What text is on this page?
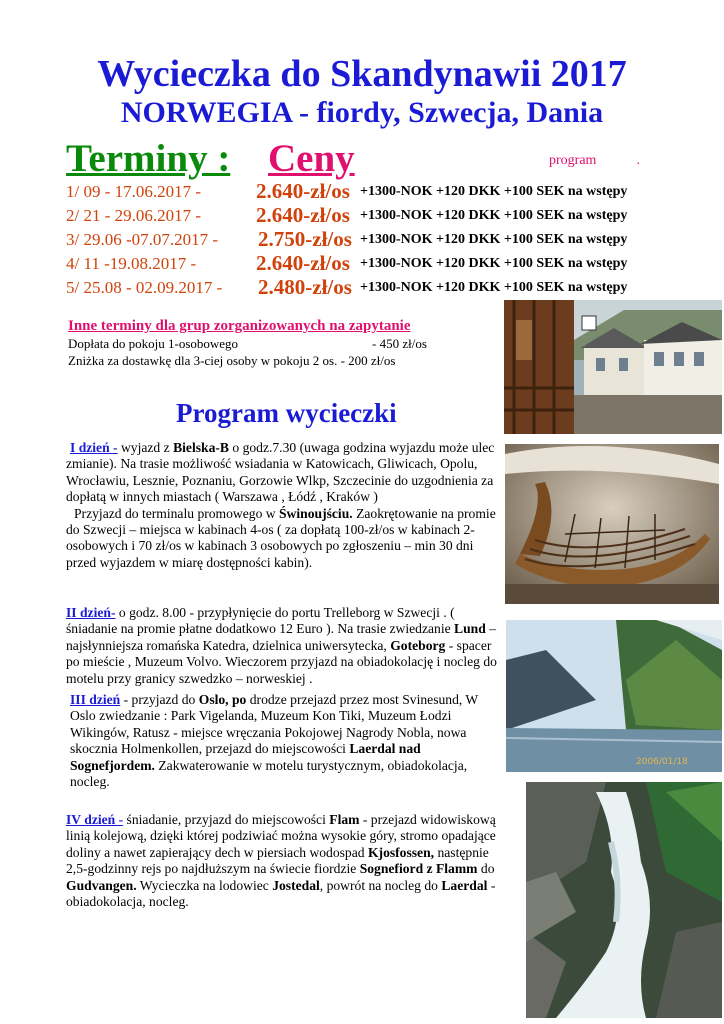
Wycieczka do Skandynawii 2017
NORWEGIA - fiordy, Szwecja, Dania
Terminy : Ceny	program	.
1/ 09 - 17.06.2017 -	2.640-zł/os +1300-NOK +120 DKK +100 SEK na wstępy
2/ 21 - 29.06.2017 -	2.640-zł/os +1300-NOK +120 DKK +100 SEK na wstępy
3/ 29.06 -07.07.2017 - 2.750-zł/os +1300-NOK +120 DKK +100 SEK na wstępy
4/ 11 -19.08.2017 -	2.640-zł/os +1300-NOK +120 DKK +100 SEK na wstępy
5/ 25.08 - 02.09.2017 - 2.480-zł/os +1300-NOK +120 DKK +100 SEK na wstępy
Inne terminy dla grup zorganizowanych na zapytanie
Dopłata do pokoju 1-osobowego	- 450 zł/os
Zniżka za dostawkę dla 3-ciej osoby w pokoju 2 os. - 200 zł/os
Program wycieczki
I dzień - wyjazd z Bielska-B o godz.7.30 (uwaga godzina wyjazdu może ulec zmianie). Na trasie możliwość wsiadania w Katowicach, Gliwicach, Opolu, Wrocławiu, Lesznie, Poznaniu, Gorzowie Wlkp, Szczecinie do uzgodnienia za dopłatą w innych miastach ( Warszawa , Łódź , Kraków )
Przyjazd do terminalu promowego w Świnoujściu. Zaokrętowanie na promie do Szwecji – miejsca w kabinach 4-os ( za dopłatą 100-zł/os w kabinach 2-osobowych i 70 zł/os w kabinach 3 osobowych po zgłoszeniu – min 30 dni przed wyjazdem w miarę dostępności kabin).
II dzień- o godz. 8.00 - przypłynięcie do portu Trelleborg w Szwecji . ( śniadanie na promie płatne dodatkowo 12 Euro ). Na trasie zwiedzanie Lund – najsłynniejsza romańska Katedra, dzielnica uniwersytecka, Goteborg - spacer po mieście , Muzeum Volvo. Wieczorem przyjazd na obiadokolację i nocleg do motelu przy granicy szwedzko – norweskiej .
III dzień - przyjazd do Oslo, po drodze przejazd przez most Svinesund, W Oslo zwiedzanie : Park Vigelanda, Muzeum Kon Tiki, Muzeum Łodzi Wikingów, Ratusz - miejsce wręczania Pokojowej Nagrody Nobla, nowa skocznia Holmenkollen, przejazd do miejscowości Laerdal nad Sognefjordem. Zakwaterowanie w motelu turystycznym, obiadokolacja, nocleg.
IV dzień - śniadanie, przyjazd do miejscowości Flam - przejazd widowiskową linią kolejową, dzięki której podziwiać można wysokie góry, stromo opadające doliny a nawet zapierający dech w piersiach wodospad Kjosfossen, następnie 2,5-godzinny rejs po najdłuższym na świecie fiordzie Sognefiord z Flamm do Gudvangen. Wycieczka na lodowiec Jostedal, powrót na nocleg do Laerdal - obiadokolacja, nocleg.
2006/01/18
